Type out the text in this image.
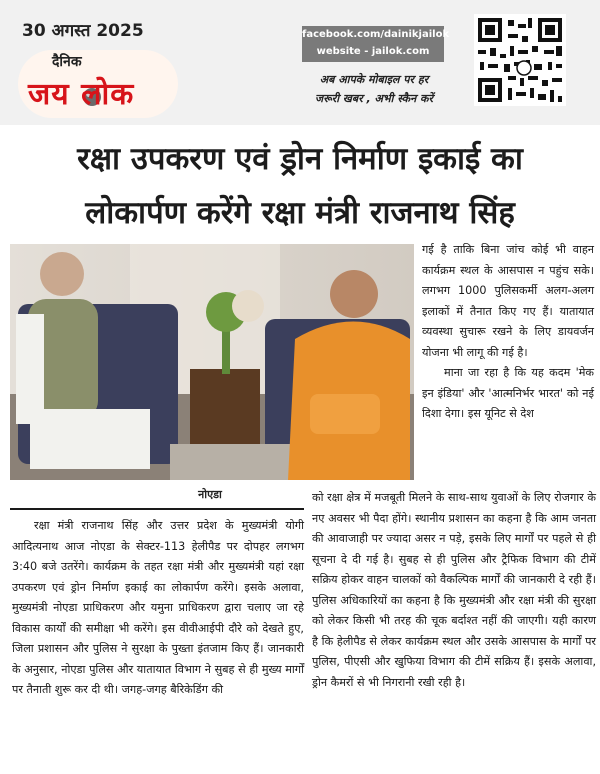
30 अगस्त 2025
दैनिक
जय लोक
facebook.com/dainikjailok
website - jailok.com
अब आपके मोबाइल पर हर
जरूरी खबर , अभी स्कैन करें
रक्षा उपकरण एवं ड्रोन निर्माण इकाई का
लोकार्पण करेंगे रक्षा मंत्री राजनाथ सिंह
नोएडा

गई है ताकि बिना जांच कोई भी वाहन कार्यक्रम स्थल के आसपास न पहुंच सके। लगभग 1000 पुलिसकर्मी अलग-अलग इलाकों में तैनात किए गए हैं। यातायात व्यवस्था सुचारू रखने के लिए डायवर्जन योजना भी लागू की गई है।

माना जा रहा है कि यह कदम 'मेक इन इंडिया' और 'आत्मनिर्भर भारत' को नई दिशा देगा। इस यूनिट से देश

को रक्षा क्षेत्र में मजबूती मिलने के साथ-साथ युवाओं के लिए रोजगार के नए अवसर भी पैदा होंगे। स्थानीय प्रशासन का कहना है कि आम जनता की आवाजाही पर ज्यादा असर न पड़े, इसके लिए मार्गों पर पहले से ही सूचना दे दी गई है। सुबह से ही पुलिस और ट्रैफिक विभाग की टीमें सक्रिय होकर वाहन चालकों को वैकल्पिक मार्गों की जानकारी दे रही हैं। पुलिस अधिकारियों का कहना है कि मुख्यमंत्री और रक्षा मंत्री की सुरक्षा को लेकर किसी भी तरह की चूक बर्दाश्त नहीं की जाएगी। यही कारण है कि हेलीपैड से लेकर कार्यक्रम स्थल और उसके आसपास के मार्गों पर पुलिस, पीएसी और खुफिया विभाग की टीमें सक्रिय हैं। इसके अलावा, ड्रोन कैमरों से भी निगरानी रखी रही है।
रक्षा मंत्री राजनाथ सिंह और उत्तर प्रदेश के मुख्यमंत्री योगी आदित्यनाथ आज नोएडा के सेक्टर-113 हेलीपैड पर दोपहर लगभग 3:40 बजे उतरेंगे। कार्यक्रम के तहत रक्षा मंत्री और मुख्यमंत्री यहां रक्षा उपकरण एवं ड्रोन निर्माण इकाई का लोकार्पण करेंगे। इसके अलावा, मुख्यमंत्री नोएडा प्राधिकरण और यमुना प्राधिकरण द्वारा चलाए जा रहे विकास कार्यों की समीक्षा भी करेंगे। इस वीवीआईपी दौरे को देखते हुए, जिला प्रशासन और पुलिस ने सुरक्षा के पुख्ता इंतजाम किए हैं। जानकारी के अनुसार, नोएडा पुलिस और यातायात विभाग ने सुबह से ही मुख्य मार्गों पर तैनाती शुरू कर दी थी। जगह-जगह बैरिकेडिंग की
